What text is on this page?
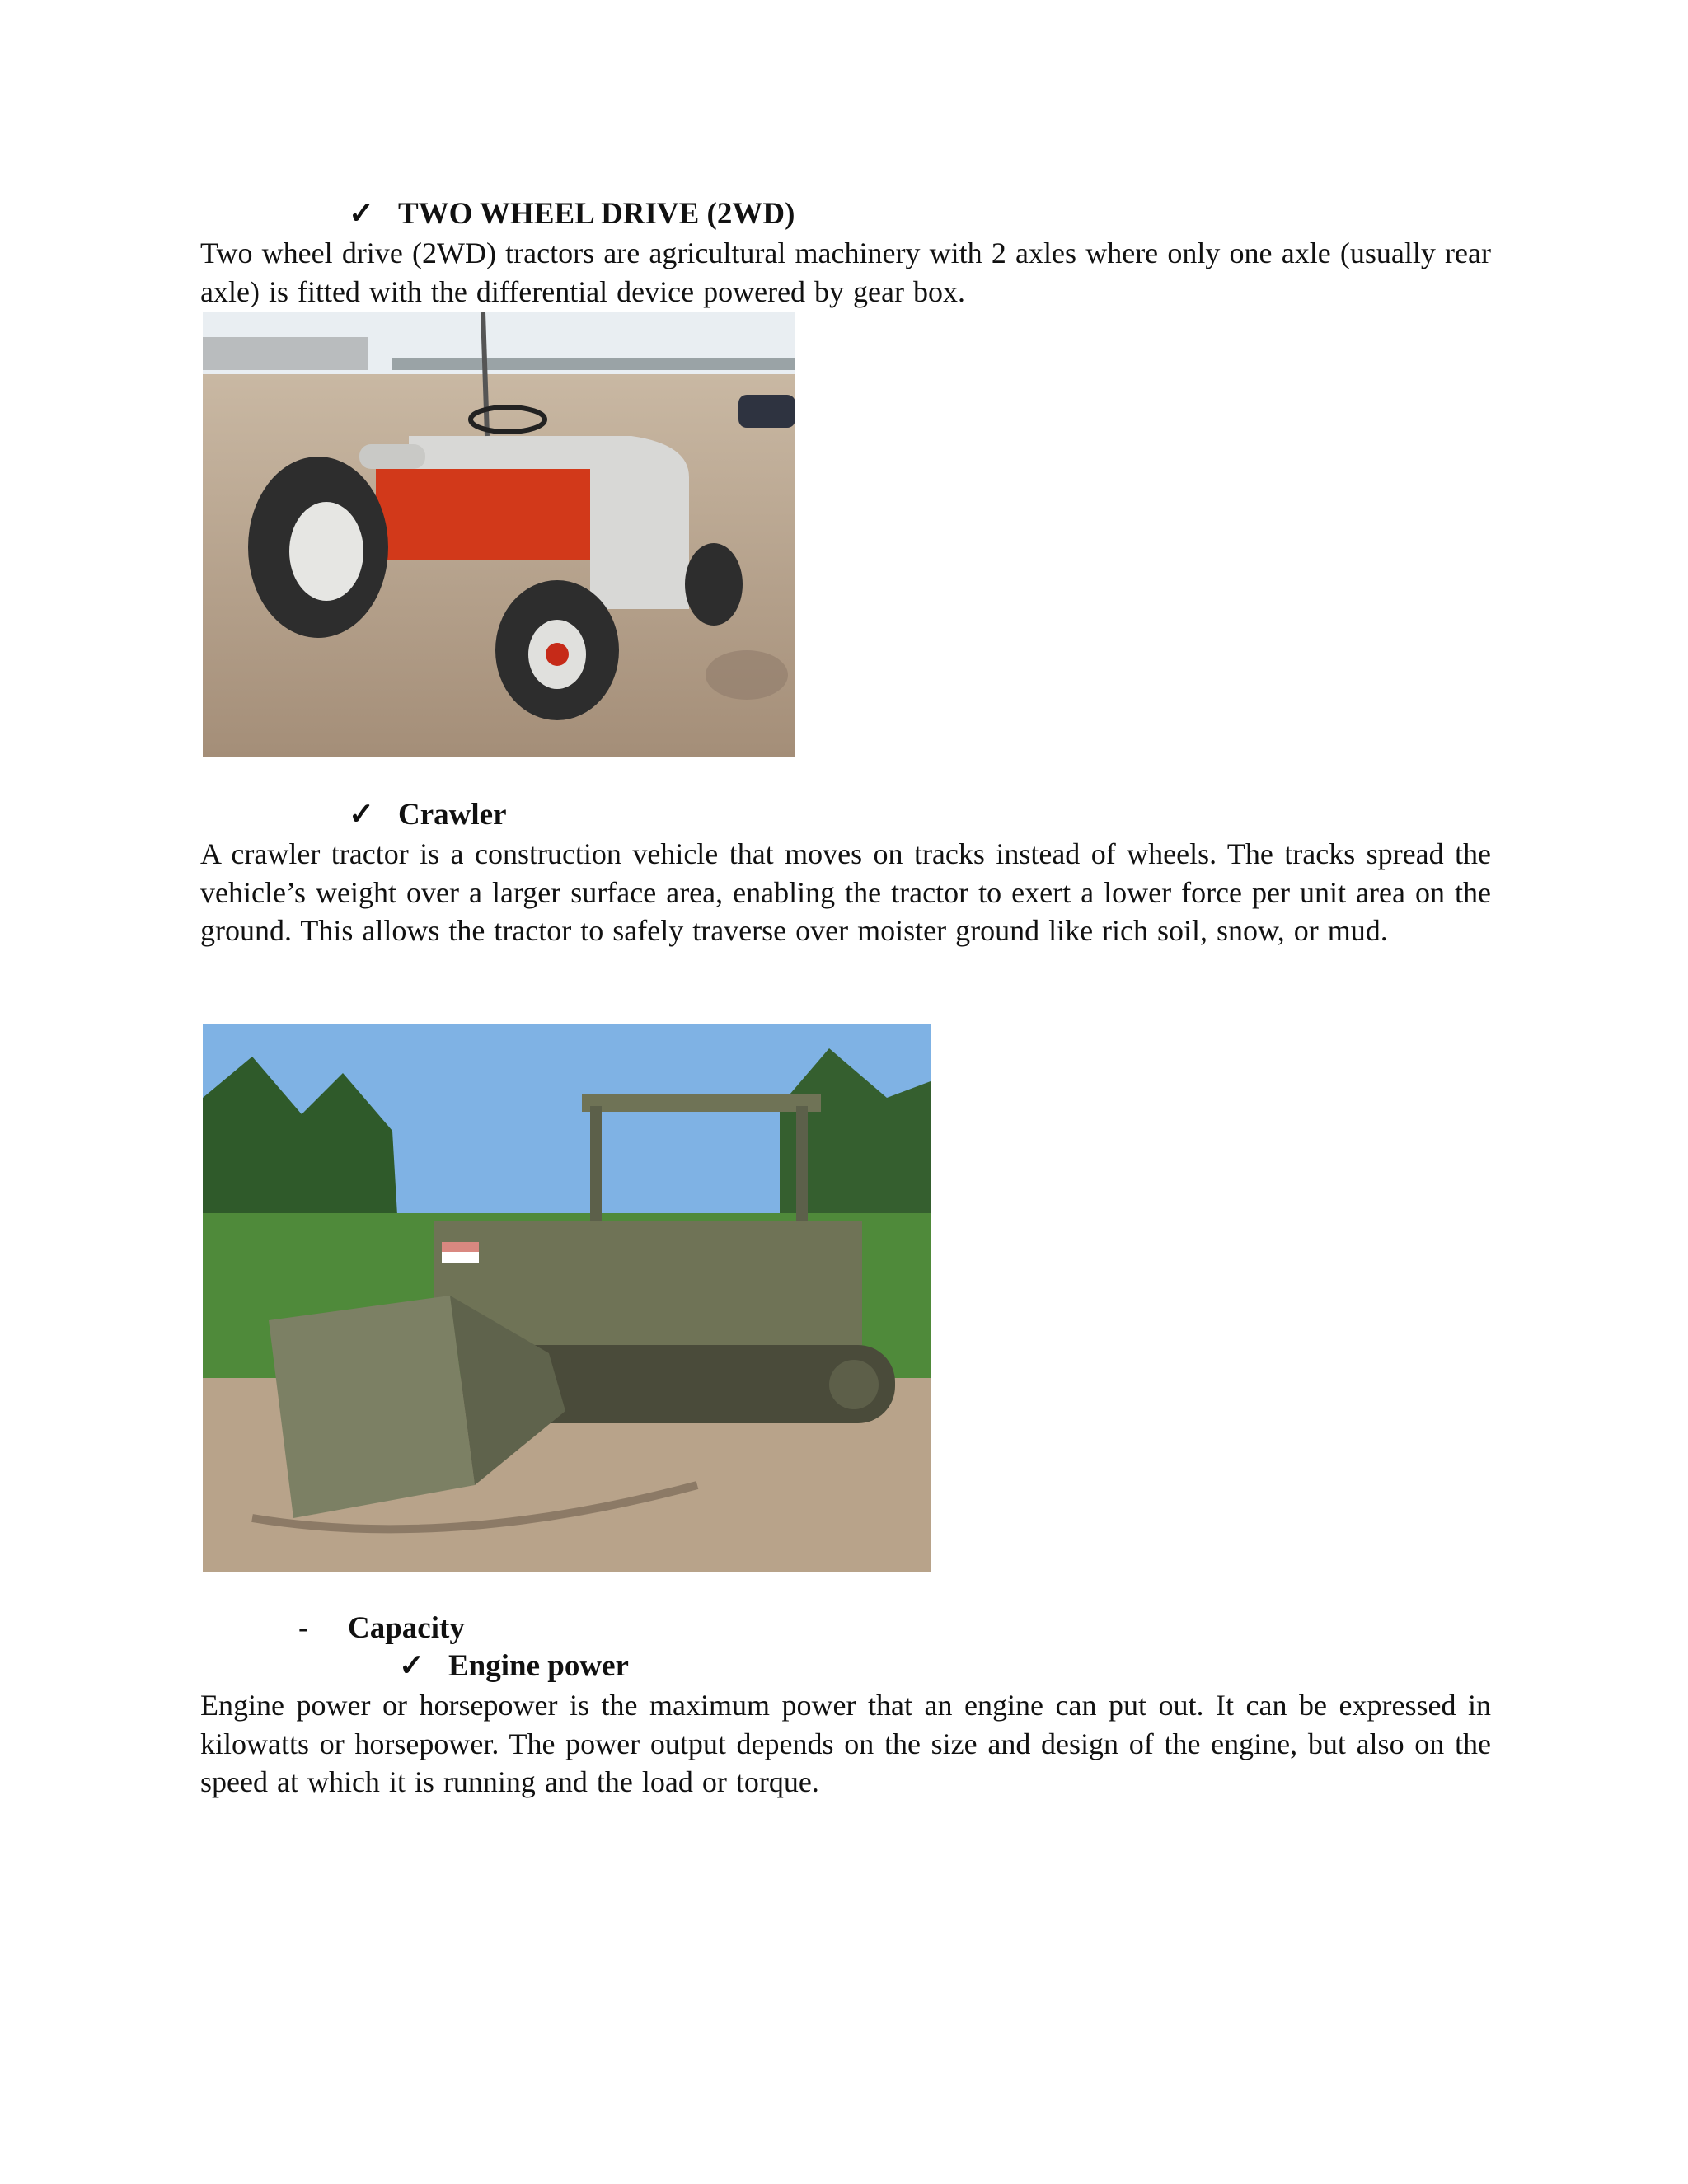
✓ TWO WHEEL DRIVE (2WD)

Two wheel drive (2WD) tractors are agricultural machinery with 2 axles where only one axle (usually rear axle) is fitted with the differential device powered by gear box.

✓ Crawler

A crawler tractor is a construction vehicle that moves on tracks instead of wheels. The tracks spread the vehicle’s weight over a larger surface area, enabling the tractor to exert a lower force per unit area on the ground. This allows the tractor to safely traverse over moister ground like rich soil, snow, or mud.

- Capacity
✓ Engine power

Engine power or horsepower is the maximum power that an engine can put out. It can be expressed in kilowatts or horsepower. The power output depends on the size and design of the engine, but also on the speed at which it is running and the load or torque.
